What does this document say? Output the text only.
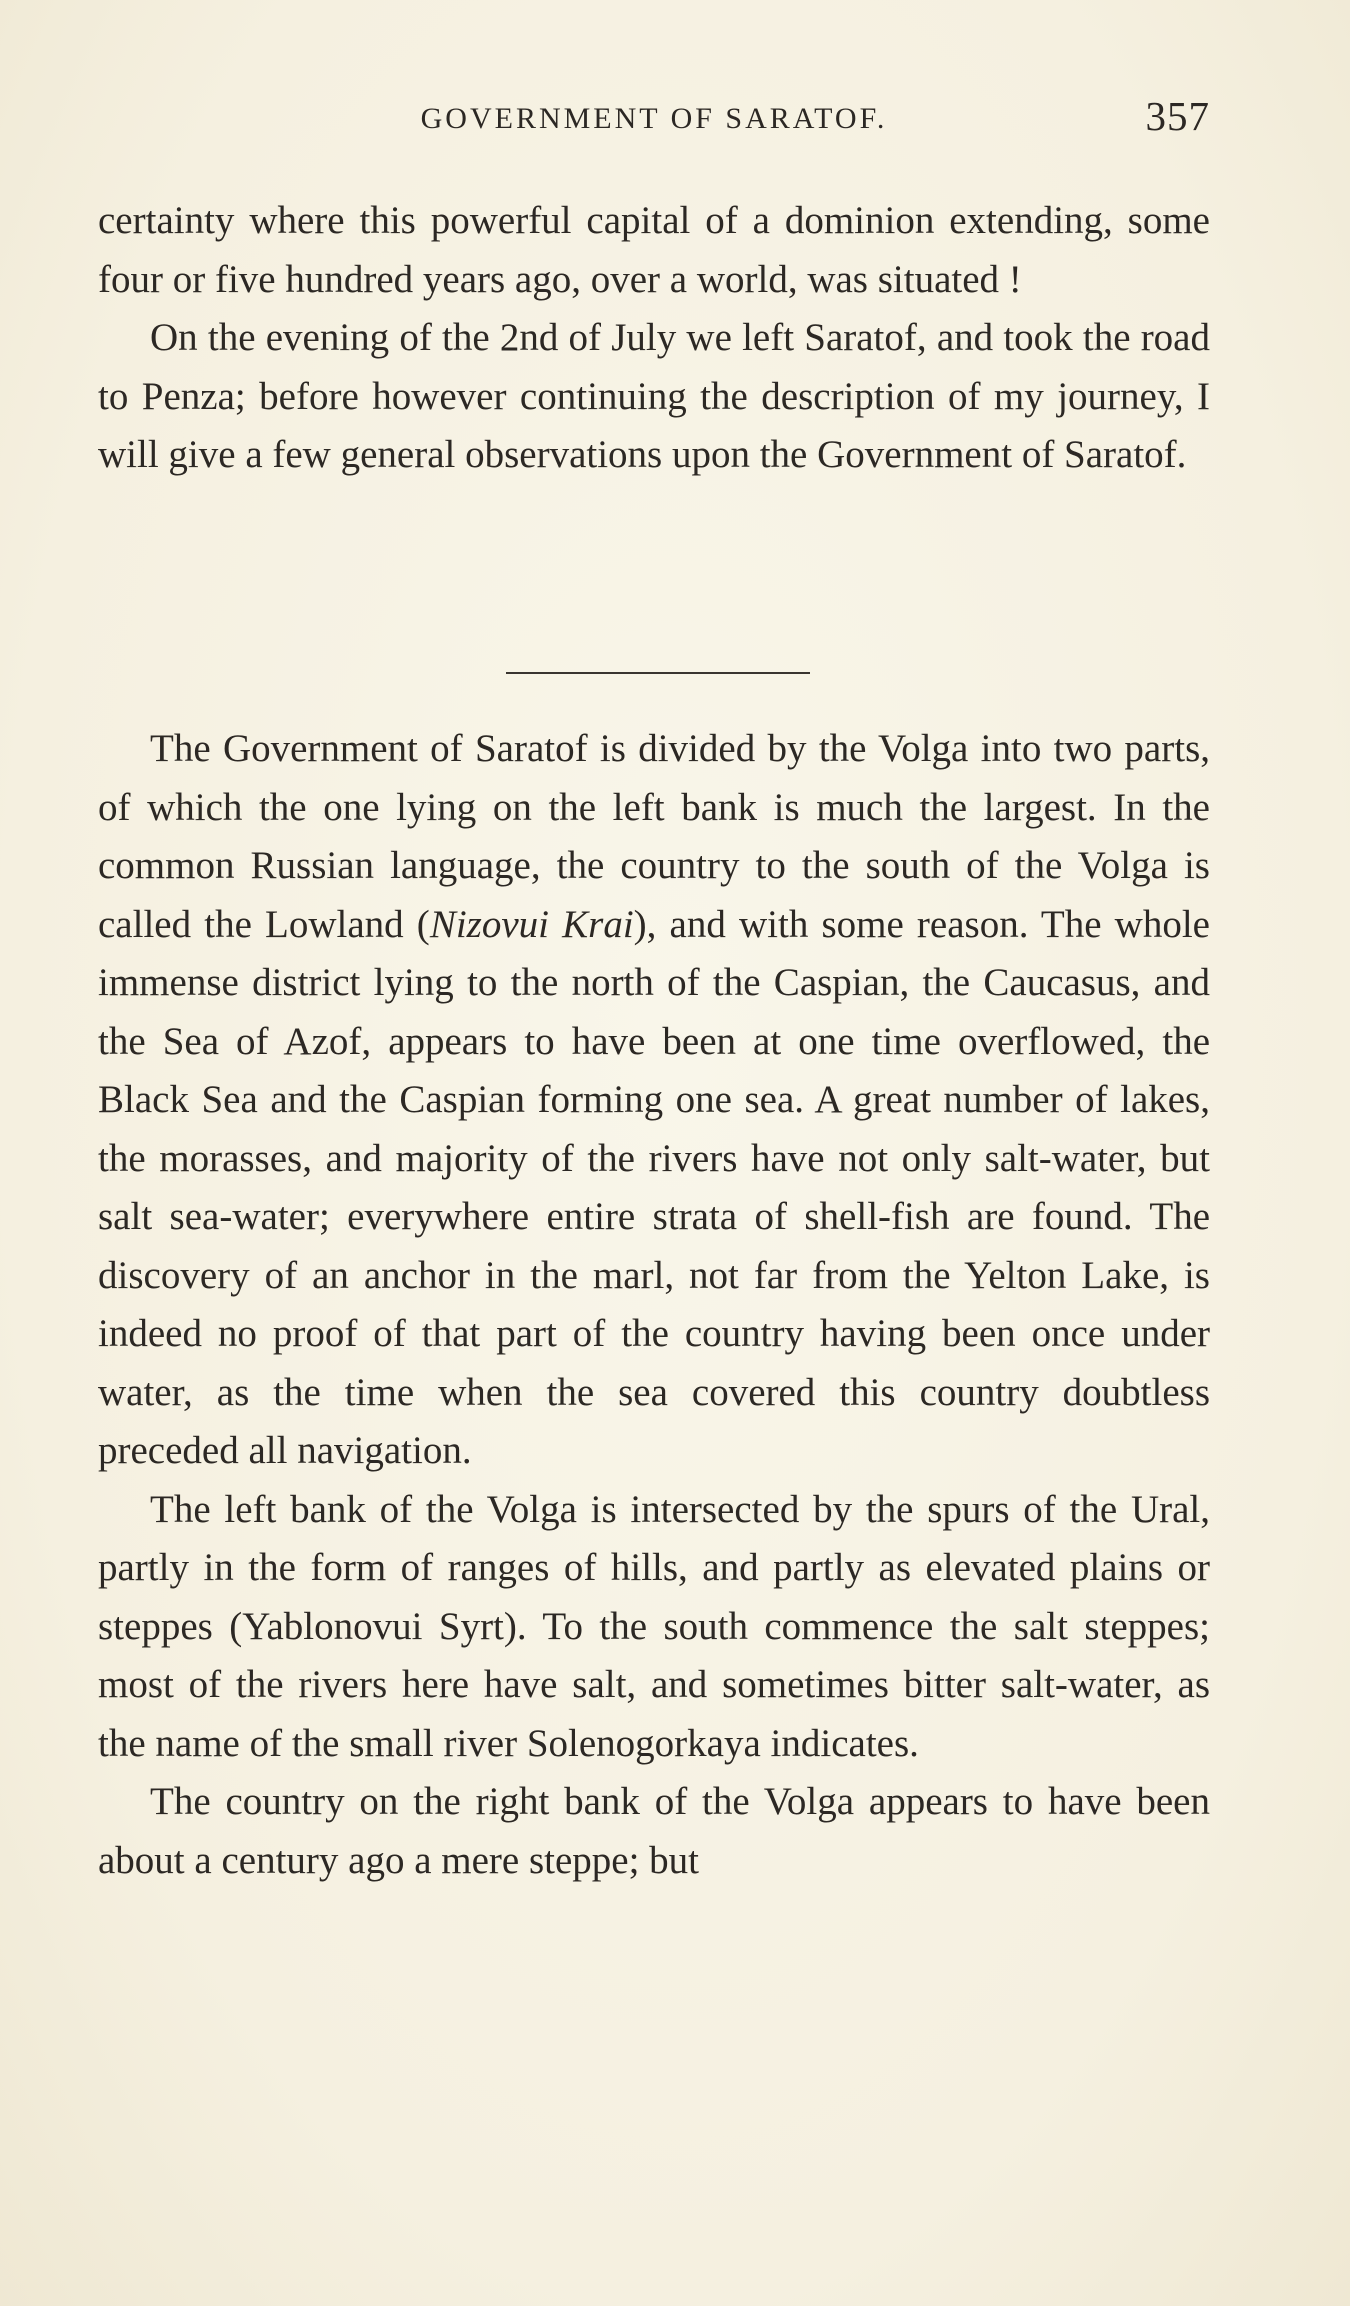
GOVERNMENT OF SARATOF.	357

certainty where this powerful capital of a dominion extending, some four or five hundred years ago, over a world, was situated !

On the evening of the 2nd of July we left Saratof, and took the road to Penza; before however continuing the description of my journey, I will give a few general observations upon the Government of Saratof.

The Government of Saratof is divided by the Volga into two parts, of which the one lying on the left bank is much the largest. In the common Russian language, the country to the south of the Volga is called the Lowland (Nizovui Krai), and with some reason. The whole immense district lying to the north of the Caspian, the Caucasus, and the Sea of Azof, appears to have been at one time overflowed, the Black Sea and the Caspian forming one sea. A great number of lakes, the morasses, and majority of the rivers have not only salt-water, but salt sea-water; everywhere entire strata of shell-fish are found. The discovery of an anchor in the marl, not far from the Yelton Lake, is indeed no proof of that part of the country having been once under water, as the time when the sea covered this country doubtless preceded all navigation.

The left bank of the Volga is intersected by the spurs of the Ural, partly in the form of ranges of hills, and partly as elevated plains or steppes (Yablonovui Syrt). To the south commence the salt steppes; most of the rivers here have salt, and sometimes bitter salt-water, as the name of the small river Solenogorkaya indicates.

The country on the right bank of the Volga appears to have been about a century ago a mere steppe; but
